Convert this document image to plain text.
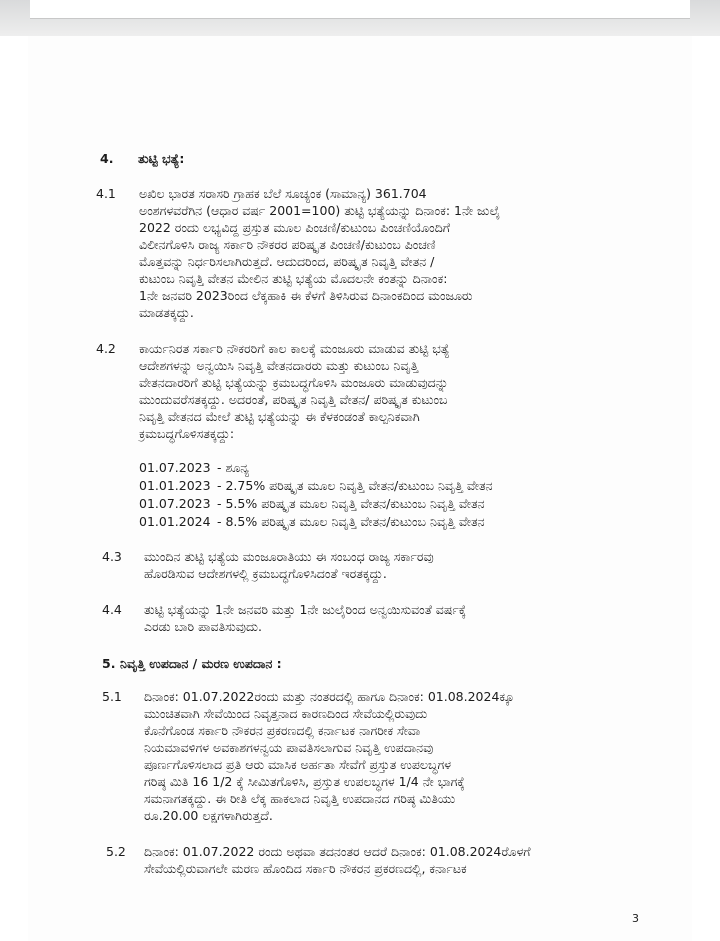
4. ತುಟ್ಟಿ ಭತ್ಯೆ:
4.1 ಅಖಿಲ ಭಾರತ ಸರಾಸರಿ ಗ್ರಾಹಕ ಬೆಲೆ ಸೂಚ್ಯಂಕ (ಸಾಮಾನ್ಯ) 361.704
ಅಂಶಗಳವರೆಗಿನ (ಆಧಾರ ವರ್ಷ 2001=100) ತುಟ್ಟಿ ಭತ್ಯೆಯನ್ನು ದಿನಾಂಕ: 1ನೇ ಜುಲೈ
2022 ರಂದು ಲಭ್ಯವಿದ್ದ ಪ್ರಸ್ತುತ ಮೂಲ ಪಿಂಚಣಿ/ಕುಟುಂಬ ಪಿಂಚಣಿಯೊಂದಿಗೆ
ವಿಲೀನಗೊಳಿಸಿ ರಾಜ್ಯ ಸರ್ಕಾರಿ ನೌಕರರ ಪರಿಷ್ಕೃತ ಪಿಂಚಣಿ/ಕುಟುಂಬ ಪಿಂಚಣಿ
ಮೊತ್ತವನ್ನು ನಿರ್ಧರಿಸಲಾಗಿರುತ್ತದೆ. ಆದುದರಿಂದ, ಪರಿಷ್ಕೃತ ನಿವೃತ್ತಿ ವೇತನ /
ಕುಟುಂಬ ನಿವೃತ್ತಿ ವೇತನ ಮೇಲಿನ ತುಟ್ಟಿ ಭತ್ಯೆಯ ಮೊದಲನೇ ಕಂತನ್ನು ದಿನಾಂಕ:
1ನೇ ಜನವರಿ 2023ರಿಂದ ಲೆಕ್ಕಹಾಕಿ ಈ ಕೆಳಗೆ ತಿಳಿಸಿರುವ ದಿನಾಂಕದಿಂದ ಮಂಜೂರು
ಮಾಡತಕ್ಕದ್ದು.
4.2 ಕಾರ್ಯನಿರತ ಸರ್ಕಾರಿ ನೌಕರರಿಗೆ ಕಾಲ ಕಾಲಕ್ಕೆ ಮಂಜೂರು ಮಾಡುವ ತುಟ್ಟಿ ಭತ್ಯೆ
ಆದೇಶಗಳನ್ನು ಅನ್ವಯಿಸಿ ನಿವೃತ್ತಿ ವೇತನದಾರರು ಮತ್ತು ಕುಟುಂಬ ನಿವೃತ್ತಿ
ವೇತನದಾರರಿಗೆ ತುಟ್ಟಿ ಭತ್ಯೆಯನ್ನು ಕ್ರಮಬದ್ಧಗೊಳಿಸಿ ಮಂಜೂರು ಮಾಡುವುದನ್ನು
ಮುಂದುವರೆಸತಕ್ಕದ್ದು. ಅದರಂತೆ, ಪರಿಷ್ಕೃತ ನಿವೃತ್ತಿ ವೇತನ/ ಪರಿಷ್ಕೃತ ಕುಟುಂಬ
ನಿವೃತ್ತಿ ವೇತನದ ಮೇಲೆ ತುಟ್ಟಿ ಭತ್ಯೆಯನ್ನು ಈ ಕೆಳಕಂಡಂತೆ ಕಾಲ್ಪನಿಕವಾಗಿ
ಕ್ರಮಬದ್ಧಗೊಳಿಸತಕ್ಕದ್ದು:
01.07.2023 - ಶೂನ್ಯ
01.01.2023 - 2.75% ಪರಿಷ್ಕೃತ ಮೂಲ ನಿವೃತ್ತಿ ವೇತನ/ಕುಟುಂಬ ನಿವೃತ್ತಿ ವೇತನ
01.07.2023 - 5.5% ಪರಿಷ್ಕೃತ ಮೂಲ ನಿವೃತ್ತಿ ವೇತನ/ಕುಟುಂಬ ನಿವೃತ್ತಿ ವೇತನ
01.01.2024 - 8.5% ಪರಿಷ್ಕೃತ ಮೂಲ ನಿವೃತ್ತಿ ವೇತನ/ಕುಟುಂಬ ನಿವೃತ್ತಿ ವೇತನ
4.3 ಮುಂದಿನ ತುಟ್ಟಿ ಭತ್ಯೆಯ ಮಂಜೂರಾತಿಯು ಈ ಸಂಬಂಧ ರಾಜ್ಯ ಸರ್ಕಾರವು
ಹೊರಡಿಸುವ ಆದೇಶಗಳಲ್ಲಿ ಕ್ರಮಬದ್ಧಗೊಳಿಸಿದಂತೆ ಇರತಕ್ಕದ್ದು.
4.4 ತುಟ್ಟಿ ಭತ್ಯೆಯನ್ನು 1ನೇ ಜನವರಿ ಮತ್ತು 1ನೇ ಜುಲೈರಿಂದ ಅನ್ವಯಿಸುವಂತೆ ವರ್ಷಕ್ಕೆ
ಎರಡು ಬಾರಿ ಪಾವತಿಸುವುದು.
5. ನಿವೃತ್ತಿ ಉಪದಾನ / ಮರಣ ಉಪದಾನ :
5.1 ದಿನಾಂಕ: 01.07.2022ರಂದು ಮತ್ತು ನಂತರದಲ್ಲಿ ಹಾಗೂ ದಿನಾಂಕ: 01.08.2024ಕ್ಕೂ
ಮುಂಚಿತವಾಗಿ ಸೇವೆಯಿಂದ ನಿವೃತ್ತನಾದ ಕಾರಣದಿಂದ ಸೇವೆಯಲ್ಲಿರುವುದು
ಕೊನೆಗೊಂಡ ಸರ್ಕಾರಿ ನೌಕರನ ಪ್ರಕರಣದಲ್ಲಿ ಕರ್ನಾಟಕ ನಾಗರೀಕ ಸೇವಾ
ನಿಯಮಾವಳಿಗಳ ಅವಕಾಶಗಳನ್ವಯ ಪಾವತಿಸಲಾಗುವ ನಿವೃತ್ತಿ ಉಪದಾನವು
ಪೂರ್ಣಗೊಳಿಸಲಾದ ಪ್ರತಿ ಆರು ಮಾಸಿಕ ಅರ್ಹತಾ ಸೇವೆಗೆ ಪ್ರಸ್ತುತ ಉಪಲಬ್ಧಗಳ
ಗರಿಷ್ಠ ಮಿತಿ 16 1/2 ಕ್ಕೆ ಸೀಮಿತಗೊಳಿಸಿ, ಪ್ರಸ್ತುತ ಉಪಲಬ್ಧಗಳ 1/4 ನೇ ಭಾಗಕ್ಕೆ
ಸಮನಾಗತಕ್ಕದ್ದು. ಈ ರೀತಿ ಲೆಕ್ಕ ಹಾಕಲಾದ ನಿವೃತ್ತಿ ಉಪದಾನದ ಗರಿಷ್ಠ ಮಿತಿಯು
ರೂ.20.00 ಲಕ್ಷಗಳಾಗಿರುತ್ತದೆ.
5.2 ದಿನಾಂಕ: 01.07.2022 ರಂದು ಅಥವಾ ತದನಂತರ ಆದರೆ ದಿನಾಂಕ: 01.08.2024ರೊಳಗೆ
ಸೇವೆಯಲ್ಲಿರುವಾಗಲೇ ಮರಣ ಹೊಂದಿದ ಸರ್ಕಾರಿ ನೌಕರನ ಪ್ರಕರಣದಲ್ಲಿ, ಕರ್ನಾಟಕ
3
